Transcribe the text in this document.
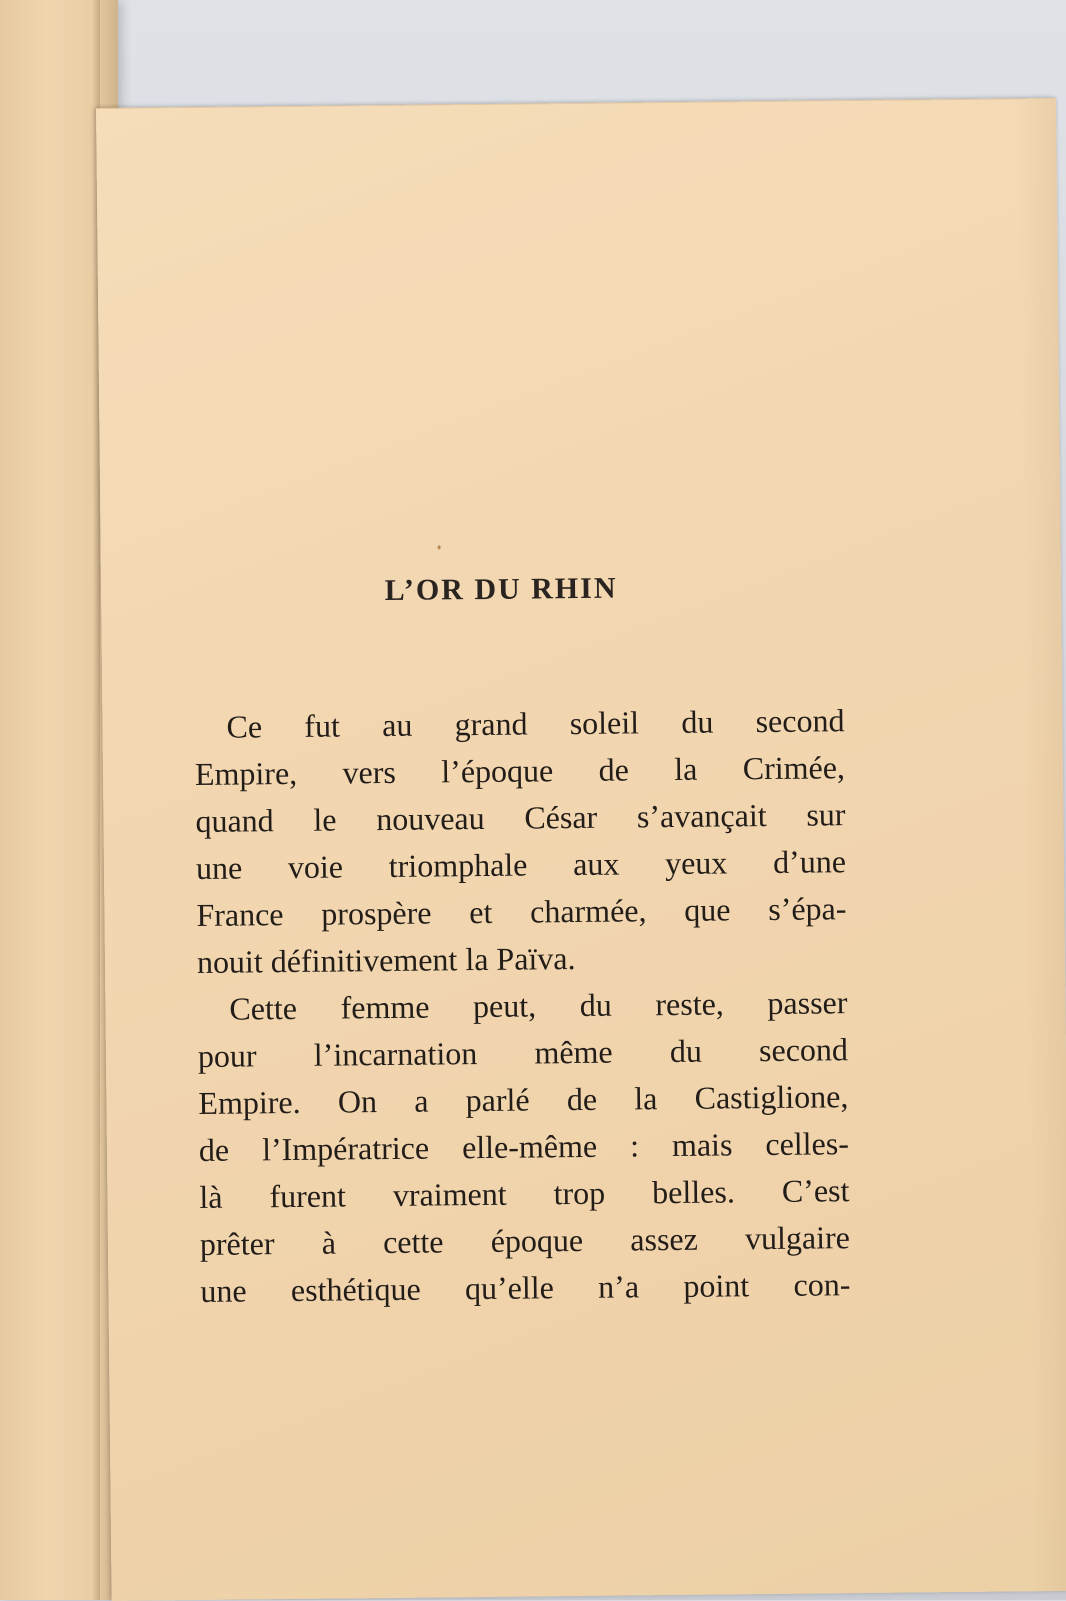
L’OR DU RHIN
Ce fut au grand soleil du second
Empire, vers l’époque de la Crimée,
quand le nouveau César s’avançait sur
une voie triomphale aux yeux d’une
France prospère et charmée, que s’épa-
nouit définitivement la Païva.
Cette femme peut, du reste, passer
pour l’incarnation même du second
Empire. On a parlé de la Castiglione,
de l’Impératrice elle-même : mais celles-
là furent vraiment trop belles. C’est
prêter à cette époque assez vulgaire
une esthétique qu’elle n’a point con-
